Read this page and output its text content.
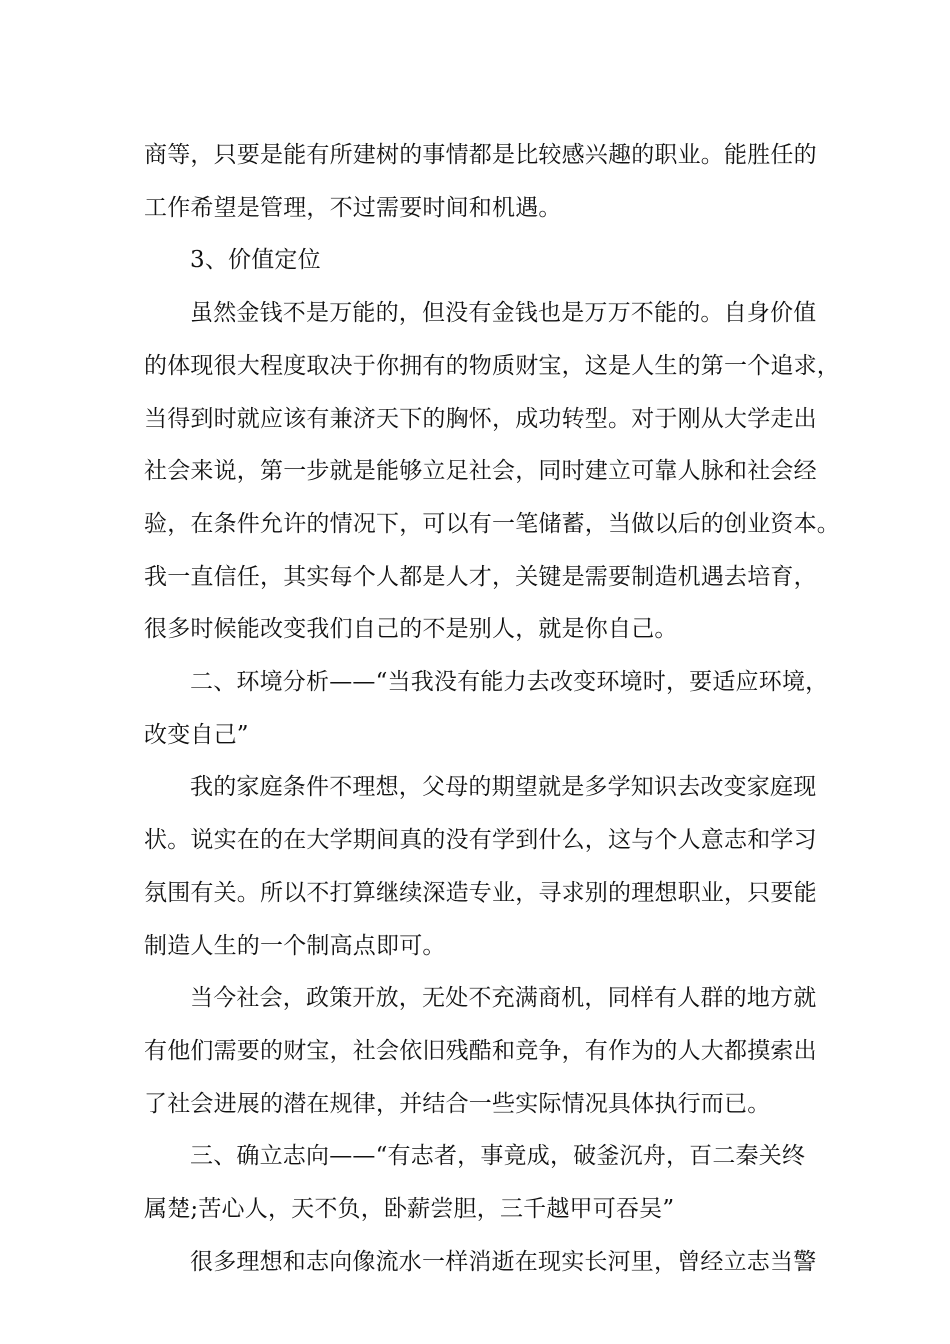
商等，只要是能有所建树的事情都是比较感兴趣的职业。能胜任的

工作希望是管理，不过需要时间和机遇。

3、价值定位

虽然金钱不是万能的，但没有金钱也是万万不能的。自身价值

的体现很大程度取决于你拥有的物质财宝，这是人生的第一个追求，

当得到时就应该有兼济天下的胸怀，成功转型。对于刚从大学走出

社会来说，第一步就是能够立足社会，同时建立可靠人脉和社会经

验，在条件允许的情况下，可以有一笔储蓄，当做以后的创业资本。

我一直信任，其实每个人都是人才，关键是需要制造机遇去培育，

很多时候能改变我们自己的不是别人，就是你自己。

二、环境分析——“当我没有能力去改变环境时，要适应环境，

改变自己”

我的家庭条件不理想，父母的期望就是多学知识去改变家庭现

状。说实在的在大学期间真的没有学到什么，这与个人意志和学习

氛围有关。所以不打算继续深造专业，寻求别的理想职业，只要能

制造人生的一个制高点即可。

当今社会，政策开放，无处不充满商机，同样有人群的地方就

有他们需要的财宝，社会依旧残酷和竞争，有作为的人大都摸索出

了社会进展的潜在规律，并结合一些实际情况具体执行而已。

三、确立志向——“有志者，事竟成，破釜沉舟，百二秦关终

属楚;苦心人，天不负，卧薪尝胆，三千越甲可吞吴”

很多理想和志向像流水一样消逝在现实长河里，曾经立志当警
